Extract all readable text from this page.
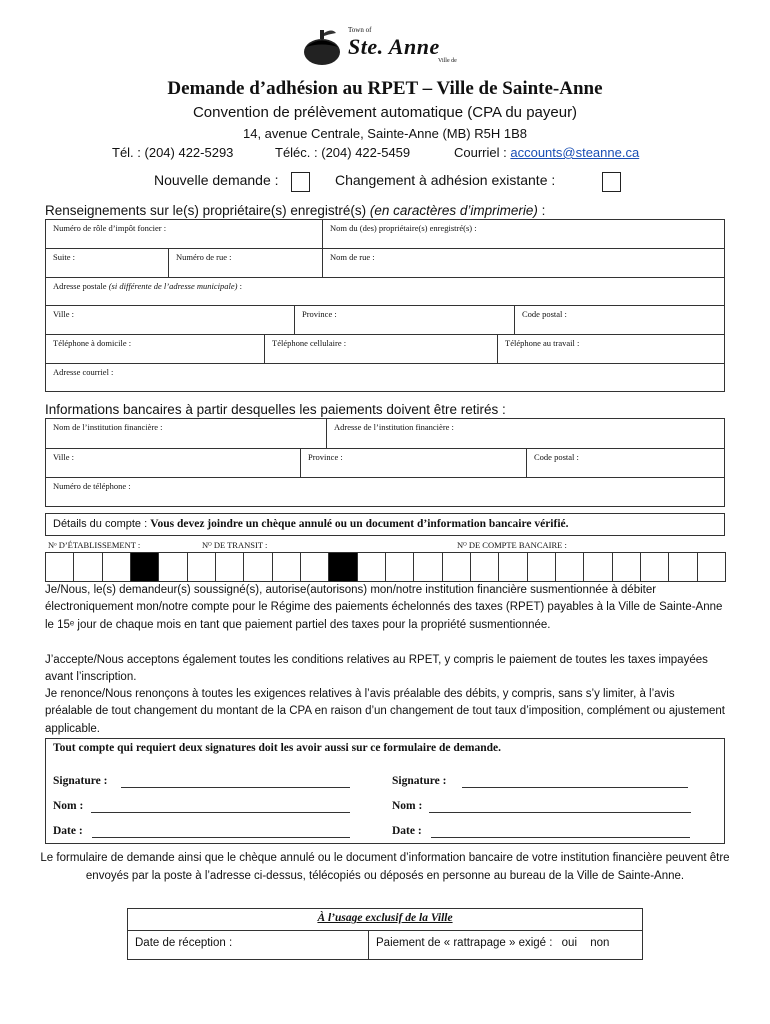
Town of
Ste. Anne
Ville de
Demande d’adhésion au RPET – Ville de Sainte-Anne
Convention de prélèvement automatique (CPA du payeur)
14, avenue Centrale, Sainte-Anne (MB) R5H 1B8
Tél. : (204) 422-5293	Téléc. : (204) 422-5459	Courriel : accounts@steanne.ca
Nouvelle demande :	Changement à adhésion existante :
Renseignements sur le(s) propriétaire(s) enregistré(s) (en caractères d’imprimerie) :
Numéro de rôle d’impôt foncier :	Nom du (des) propriétaire(s) enregistré(s) :
Suite :	Numéro de rue :	Nom de rue :
Adresse postale (si différente de l’adresse municipale) :
Ville :	Province :	Code postal :
Téléphone à domicile :	Téléphone cellulaire :	Téléphone au travail :
Adresse courriel :
Informations bancaires à partir desquelles les paiements doivent être retirés :
Nom de l’institution financière :	Adresse de l’institution financière :
Ville :	Province :	Code postal :
Numéro de téléphone :
Détails du compte : Vous devez joindre un chèque annulé ou un document d’information bancaire vérifié.
Nᵒ D’ÉTABLISSEMENT :	Nᴼ DE TRANSIT :	Nᴼ DE COMPTE BANCAIRE :
Je/Nous, le(s) demandeur(s) soussigné(s), autorise(autorisons) mon/notre institution financière susmentionnée à débiter électroniquement mon/notre compte pour le Régime des paiements échelonnés des taxes (RPET) payables à la Ville de Sainte-Anne le 15ᵉ jour de chaque mois en tant que paiement partiel des taxes pour la propriété susmentionnée.
J’accepte/Nous acceptons également toutes les conditions relatives au RPET, y compris le paiement de toutes les taxes impayées avant l’inscription.
Je renonce/Nous renonçons à toutes les exigences relatives à l’avis préalable des débits, y compris, sans s’y limiter, à l’avis préalable de tout changement du montant de la CPA en raison d’un changement de tout taux d’imposition, complément ou ajustement applicable.
Tout compte qui requiert deux signatures doit les avoir aussi sur ce formulaire de demande.
Signature :	Signature :
Nom :	Nom :
Date :	Date :
Le formulaire de demande ainsi que le chèque annulé ou le document d’information bancaire de votre institution financière peuvent être envoyés par la poste à l’adresse ci-dessus, télécopiés ou déposés en personne au bureau de la Ville de Sainte-Anne.
À l’usage exclusif de la Ville
Date de réception :	Paiement de « rattrapage » exigé : oui non
